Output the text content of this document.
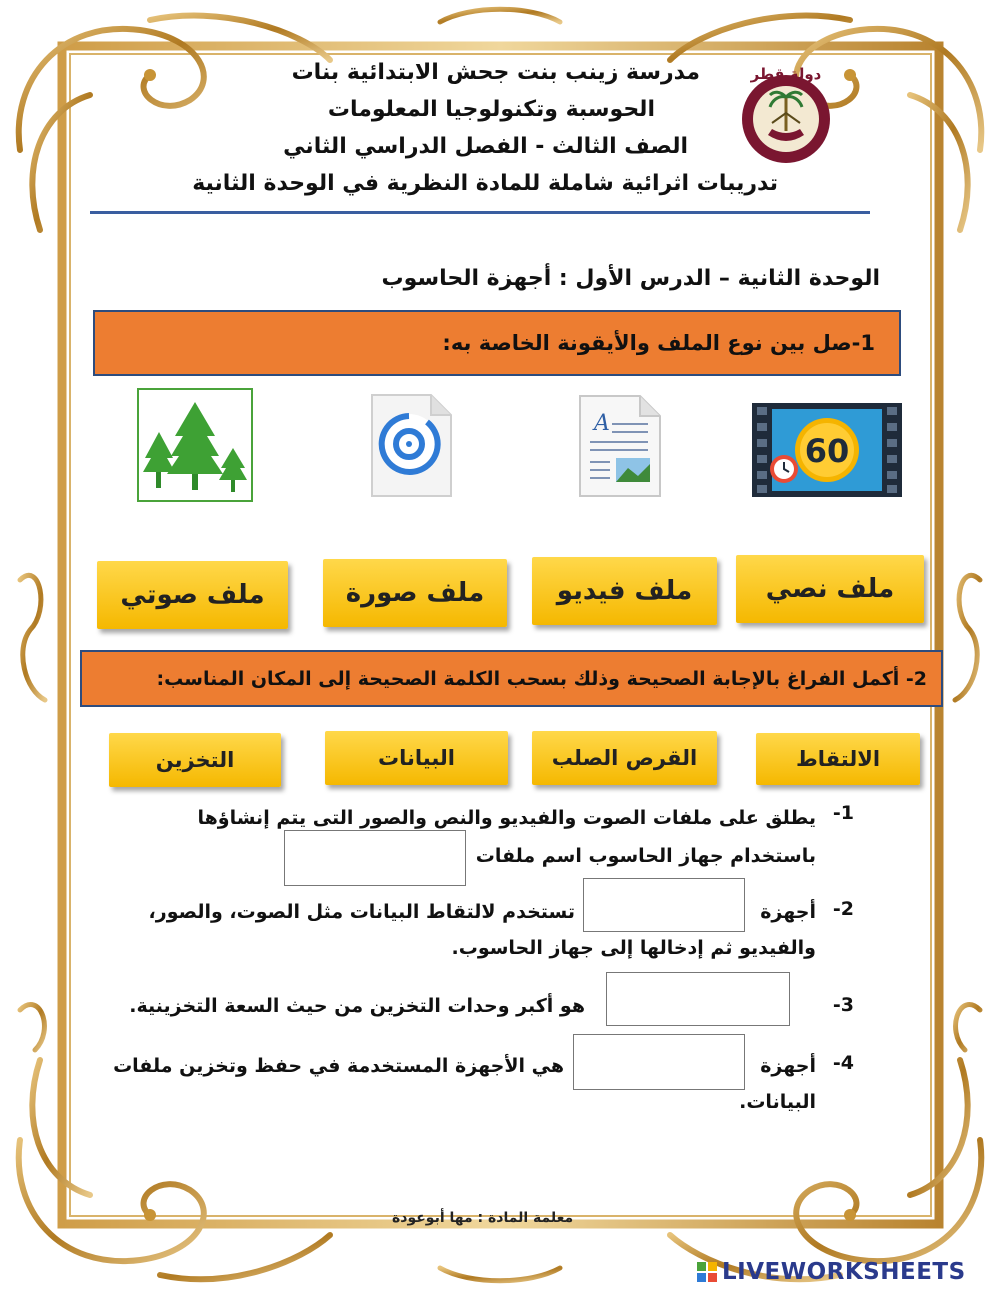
دولة قطر
مدرسة زينب بنت جحش الابتدائية بنات
الحوسبة وتكنولوجيا المعلومات
الصف الثالث - الفصل الدراسي الثاني
تدريبات اثرائية شاملة للمادة النظرية في الوحدة الثانية
الوحدة الثانية – الدرس الأول : أجهزة الحاسوب
1-صل بين نوع الملف والأيقونة الخاصة به:
60
A
ملف نصي
ملف فيديو
ملف صورة
ملف صوتي
2- أكمل الفراغ بالإجابة الصحيحة وذلك بسحب الكلمة الصحيحة إلى المكان المناسب:
الالتقاط
القرص الصلب
البيانات
التخزين
-1
يطلق على ملفات الصوت والفيديو والنص والصور التى يتم إنشاؤها
باستخدام جهاز الحاسوب اسم ملفات
-2
أجهزة
تستخدم لالتقاط البيانات مثل الصوت، والصور،
والفيديو ثم إدخالها إلى جهاز الحاسوب.
-3
هو أكبر وحدات التخزين من حيث السعة التخزينية.
-4
أجهزة
هي الأجهزة المستخدمة في حفظ وتخزين ملفات
البيانات.
معلمة المادة : مها أبوعودة
LIVEWORKSHEETS
